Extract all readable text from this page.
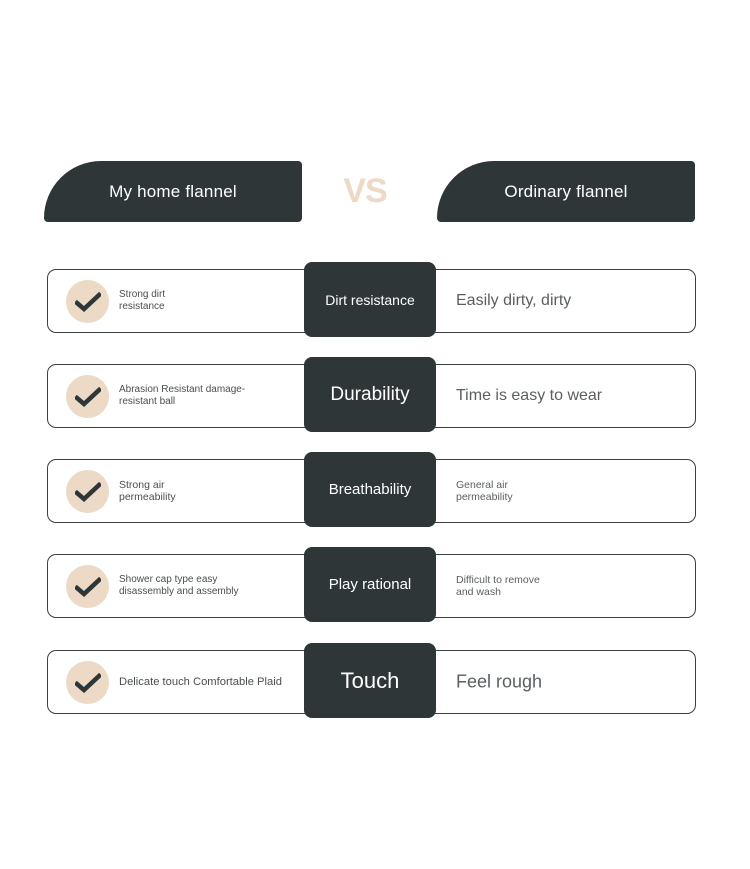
My home flannel	VS	Ordinary flannel
Strong dirt resistance	Dirt resistance	Easily dirty, dirty
Abrasion Resistant damage-resistant ball	Durability	Time is easy to wear
Strong air permeability	Breathability	General air permeability
Shower cap type easy disassembly and assembly	Play rational	Difficult to remove and wash
Delicate touch Comfortable Plaid	Touch	Feel rough
